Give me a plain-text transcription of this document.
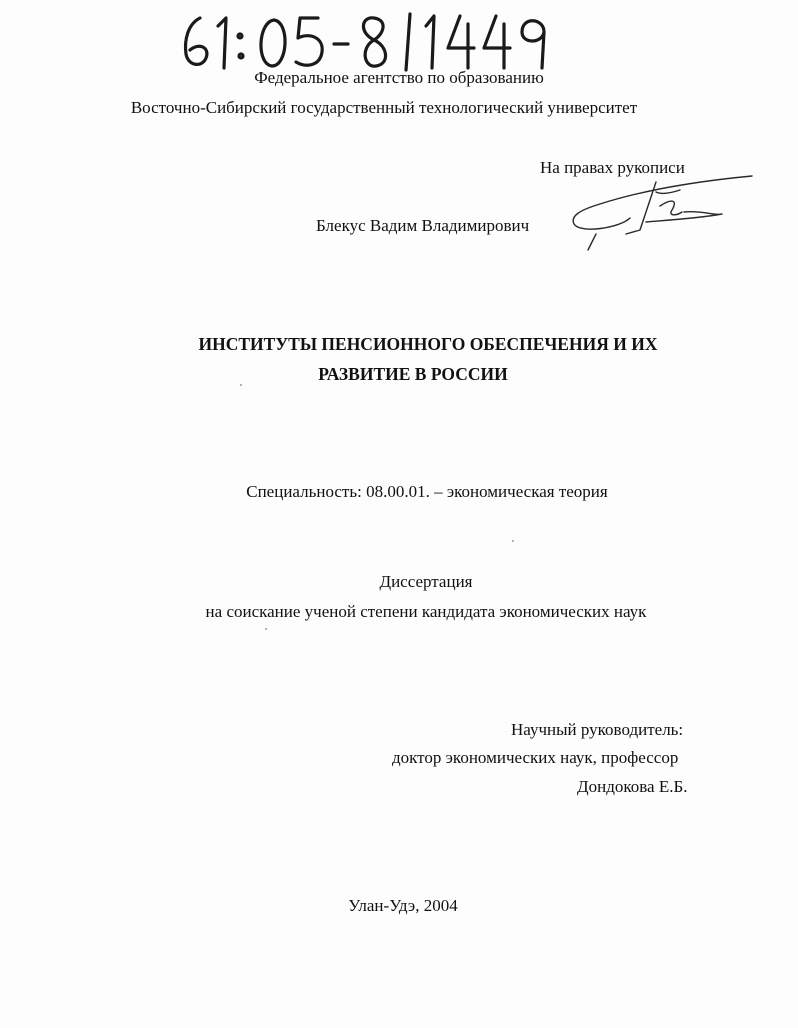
Федеральное агентство по образованию
Восточно-Сибирский государственный технологический университет
На правах рукописи
Блекус Вадим Владимирович
ИНСТИТУТЫ ПЕНСИОННОГО ОБЕСПЕЧЕНИЯ И ИХ
РАЗВИТИЕ В РОССИИ
Специальность: 08.00.01. – экономическая теория
Диссертация
на соискание ученой степени кандидата экономических наук
Научный руководитель:
доктор экономических наук, профессор
Дондокова Е.Б.
Улан-Удэ, 2004
